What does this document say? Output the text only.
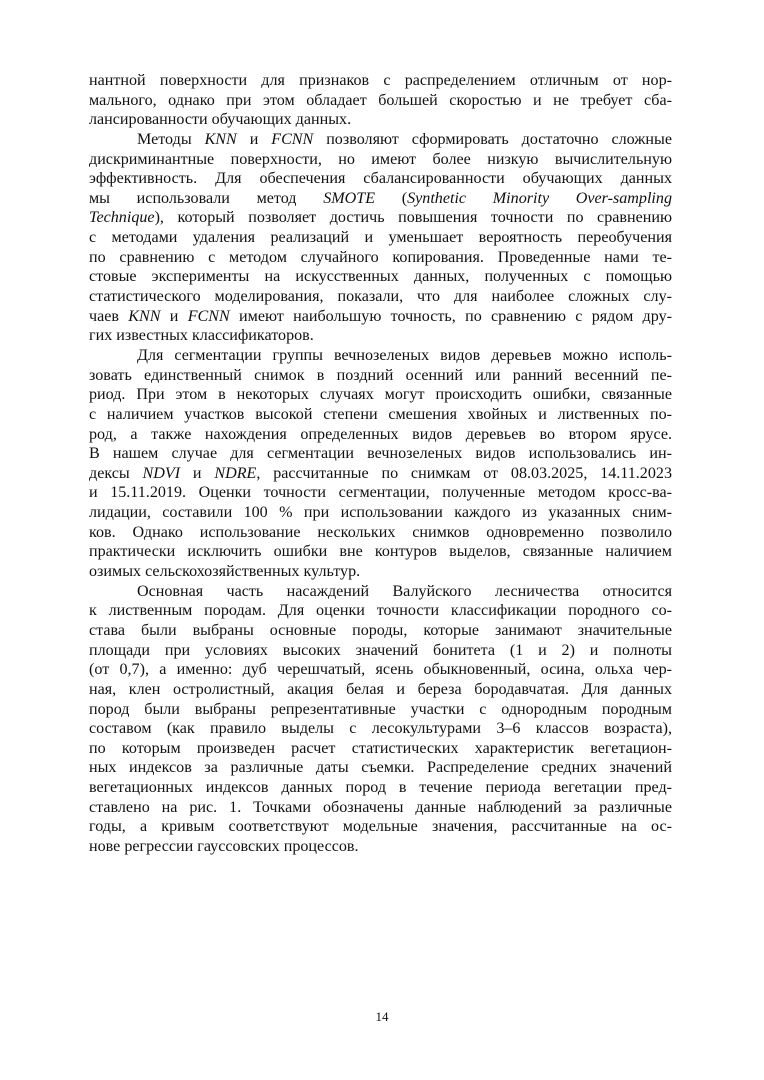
нантной поверхности для признаков с распределением отличным от нор-
мального, однако при этом обладает большей скоростью и не требует сба-
лансированности обучающих данных.
Методы KNN и FCNN позволяют сформировать достаточно сложные
дискриминантные поверхности, но имеют более низкую вычислительную
эффективность. Для обеспечения сбалансированности обучающих данных
мы использовали метод SMOTE (Synthetic Minority Over-sampling
Technique), который позволяет достичь повышения точности по сравнению
с методами удаления реализаций и уменьшает вероятность переобучения
по сравнению с методом случайного копирования. Проведенные нами те-
стовые эксперименты на искусственных данных, полученных с помощью
статистического моделирования, показали, что для наиболее сложных слу-
чаев KNN и FCNN имеют наибольшую точность, по сравнению с рядом дру-
гих известных классификаторов.
Для сегментации группы вечнозеленых видов деревьев можно исполь-
зовать единственный снимок в поздний осенний или ранний весенний пе-
риод. При этом в некоторых случаях могут происходить ошибки, связанные
с наличием участков высокой степени смешения хвойных и лиственных по-
род, а также нахождения определенных видов деревьев во втором ярусе.
В нашем случае для сегментации вечнозеленых видов использовались ин-
дексы NDVI и NDRE, рассчитанные по снимкам от 08.03.2025, 14.11.2023
и 15.11.2019. Оценки точности сегментации, полученные методом кросс-ва-
лидации, составили 100 % при использовании каждого из указанных сним-
ков. Однако использование нескольких снимков одновременно позволило
практически исключить ошибки вне контуров выделов, связанные наличием
озимых сельскохозяйственных культур.
Основная часть насаждений Валуйского лесничества относится
к лиственным породам. Для оценки точности классификации породного со-
става были выбраны основные породы, которые занимают значительные
площади при условиях высоких значений бонитета (1 и 2) и полноты
(от 0,7), а именно: дуб черешчатый, ясень обыкновенный, осина, ольха чер-
ная, клен остролистный, акация белая и береза бородавчатая. Для данных
пород были выбраны репрезентативные участки с однородным породным
составом (как правило выделы с лесокультурами 3–6 классов возраста),
по которым произведен расчет статистических характеристик вегетацион-
ных индексов за различные даты съемки. Распределение средних значений
вегетационных индексов данных пород в течение периода вегетации пред-
ставлено на рис. 1. Точками обозначены данные наблюдений за различные
годы, а кривым соответствуют модельные значения, рассчитанные на ос-
нове регрессии гауссовских процессов.
14
